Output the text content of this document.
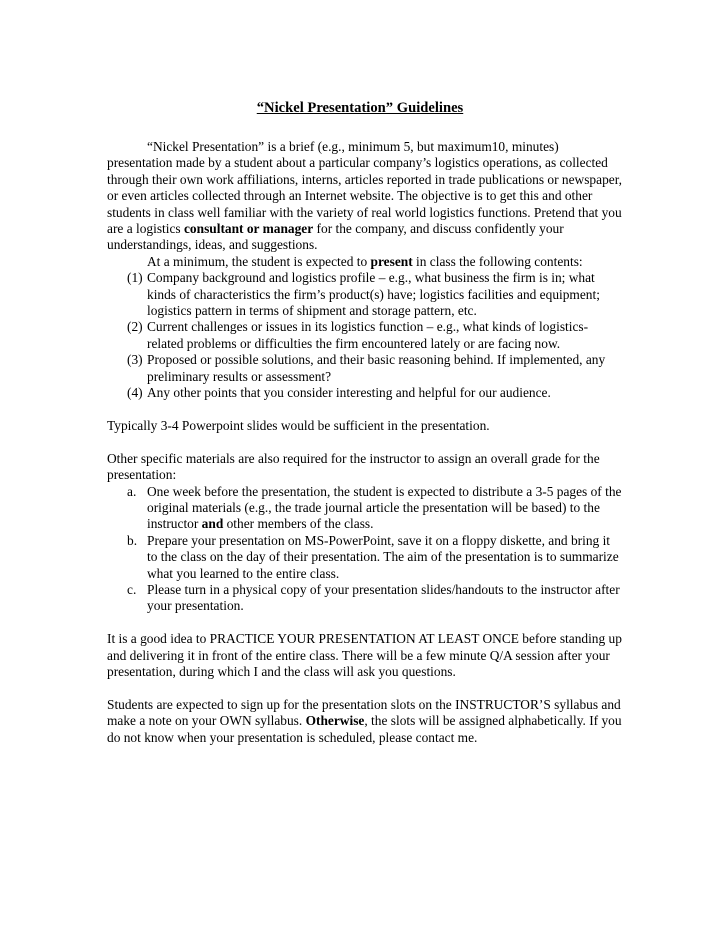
“Nickel Presentation” Guidelines

“Nickel Presentation” is a brief (e.g., minimum 5, but maximum10, minutes) presentation made by a student about a particular company’s logistics operations, as collected through their own work affiliations, interns, articles reported in trade publications or newspaper, or even articles collected through an Internet website. The objective is to get this and other students in class well familiar with the variety of real world logistics functions. Pretend that you are a logistics consultant or manager for the company, and discuss confidently your understandings, ideas, and suggestions.

At a minimum, the student is expected to present in class the following contents:

(1) Company background and logistics profile – e.g., what business the firm is in; what kinds of characteristics the firm’s product(s) have; logistics facilities and equipment; logistics pattern in terms of shipment and storage pattern, etc.
(2) Current challenges or issues in its logistics function – e.g., what kinds of logistics-related problems or difficulties the firm encountered lately or are facing now.
(3) Proposed or possible solutions, and their basic reasoning behind. If implemented, any preliminary results or assessment?
(4) Any other points that you consider interesting and helpful for our audience.

Typically 3-4 Powerpoint slides would be sufficient in the presentation.

Other specific materials are also required for the instructor to assign an overall grade for the presentation:

a. One week before the presentation, the student is expected to distribute a 3-5 pages of the original materials (e.g., the trade journal article the presentation will be based) to the instructor and other members of the class.
b. Prepare your presentation on MS-PowerPoint, save it on a floppy diskette, and bring it to the class on the day of their presentation. The aim of the presentation is to summarize what you learned to the entire class.
c. Please turn in a physical copy of your presentation slides/handouts to the instructor after your presentation.

It is a good idea to PRACTICE YOUR PRESENTATION AT LEAST ONCE before standing up and delivering it in front of the entire class. There will be a few minute Q/A session after your presentation, during which I and the class will ask you questions.

Students are expected to sign up for the presentation slots on the INSTRUCTOR’S syllabus and make a note on your OWN syllabus. Otherwise, the slots will be assigned alphabetically. If you do not know when your presentation is scheduled, please contact me.
